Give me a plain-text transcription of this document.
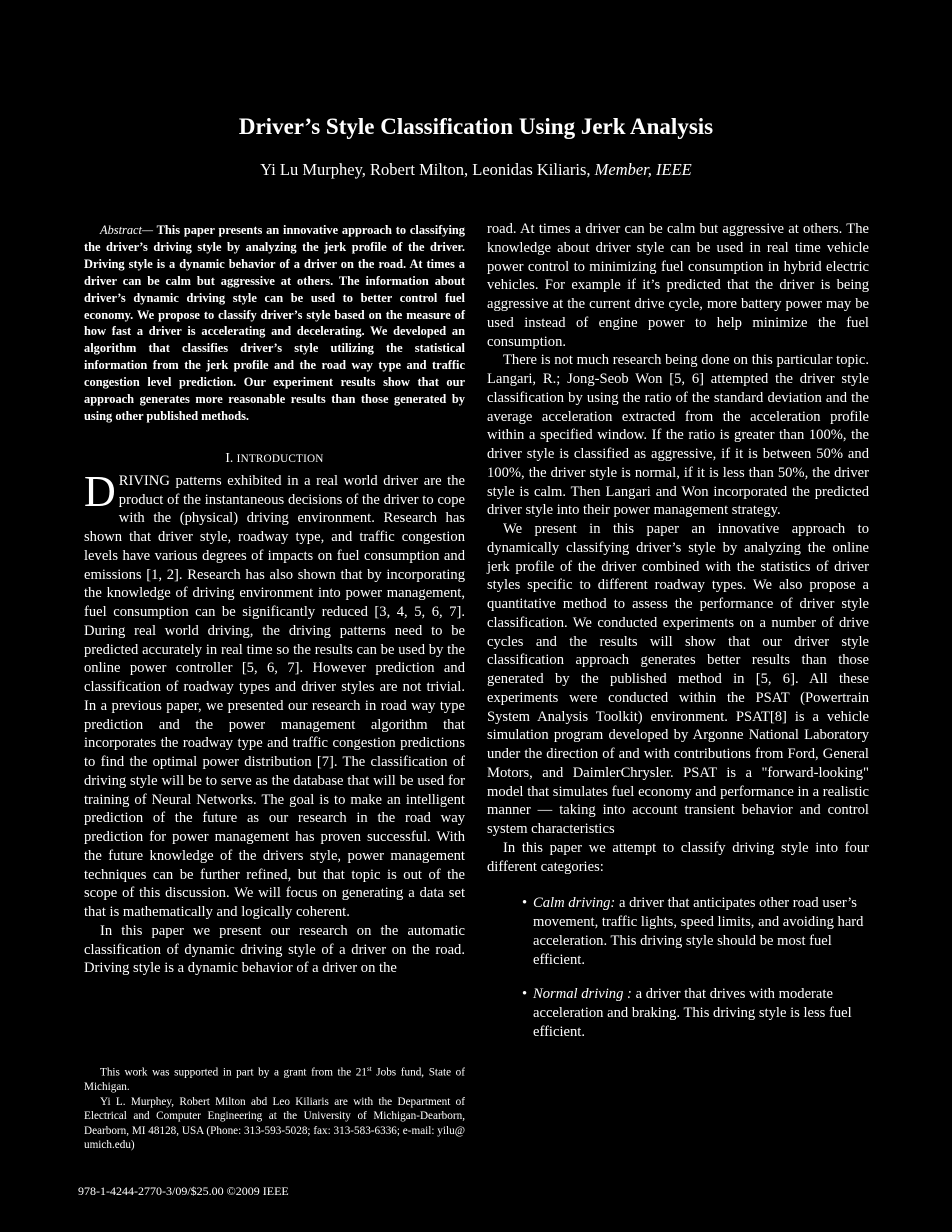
Driver’s Style Classification Using Jerk Analysis
Yi Lu Murphey, Robert Milton, Leonidas Kiliaris, Member, IEEE

Abstract— This paper presents an innovative approach to classifying the driver’s driving style by analyzing the jerk profile of the driver. Driving style is a dynamic behavior of a driver on the road. At times a driver can be calm but aggressive at others. The information about driver’s dynamic driving style can be used to better control fuel economy. We propose to classify driver’s style based on the measure of how fast a driver is accelerating and decelerating. We developed an algorithm that classifies driver’s style utilizing the statistical information from the jerk profile and the road way type and traffic congestion level prediction. Our experiment results show that our approach generates more reasonable results than those generated by using other published methods.

I. INTRODUCTION

DRIVING patterns exhibited in a real world driver are the product of the instantaneous decisions of the driver to cope with the (physical) driving environment. Research has shown that driver style, roadway type, and traffic congestion levels have various degrees of impacts on fuel consumption and emissions [1, 2]. Research has also shown that by incorporating the knowledge of driving environment into power management, fuel consumption can be significantly reduced [3, 4, 5, 6, 7]. During real world driving, the driving patterns need to be predicted accurately in real time so the results can be used by the online power controller [5, 6, 7]. However prediction and classification of roadway types and driver styles are not trivial. In a previous paper, we presented our research in road way type prediction and the power management algorithm that incorporates the roadway type and traffic congestion predictions to find the optimal power distribution [7]. The classification of driving style will be to serve as the database that will be used for training of Neural Networks. The goal is to make an intelligent prediction of the future as our research in the road way prediction for power management has proven successful. With the future knowledge of the drivers style, power management techniques can be further refined, but that topic is out of the scope of this discussion. We will focus on generating a data set that is mathematically and logically coherent.

In this paper we present our research on the automatic classification of dynamic driving style of a driver on the road. Driving style is a dynamic behavior of a driver on the

This work was supported in part by a grant from the 21st Jobs fund, State of Michigan.

Yi L. Murphey, Robert Milton abd Leo Kiliaris are with the Department of Electrical and Computer Engineering at the University of Michigan-Dearborn, Dearborn, MI 48128, USA (Phone: 313-593-5028; fax: 313-583-6336; e-mail: yilu@ umich.edu)

978-1-4244-2770-3/09/$25.00 ©2009 IEEE

road. At times a driver can be calm but aggressive at others. The knowledge about driver style can be used in real time vehicle power control to minimizing fuel consumption in hybrid electric vehicles. For example if it’s predicted that the driver is being aggressive at the current drive cycle, more battery power may be used instead of engine power to help minimize the fuel consumption.

There is not much research being done on this particular topic. Langari, R.; Jong-Seob Won [5, 6] attempted the driver style classification by using the ratio of the standard deviation and the average acceleration extracted from the acceleration profile within a specified window. If the ratio is greater than 100%, the driver style is classified as aggressive, if it is between 50% and 100%, the driver style is normal, if it is less than 50%, the driver style is calm. Then Langari and Won incorporated the predicted driver style into their power management strategy.

We present in this paper an innovative approach to dynamically classifying driver’s style by analyzing the online jerk profile of the driver combined with the statistics of driver styles specific to different roadway types. We also propose a quantitative method to assess the performance of driver style classification. We conducted experiments on a number of drive cycles and the results will show that our driver style classification approach generates better results than those generated by the published method in [5, 6]. All these experiments were conducted within the PSAT (Powertrain System Analysis Toolkit) environment. PSAT[8] is a vehicle simulation program developed by Argonne National Laboratory under the direction of and with contributions from Ford, General Motors, and DaimlerChrysler. PSAT is a "forward-looking" model that simulates fuel economy and performance in a realistic manner — taking into account transient behavior and control system characteristics

In this paper we attempt to classify driving style into four different categories:

• Calm driving: a driver that anticipates other road user’s movement, traffic lights, speed limits, and avoiding hard acceleration. This driving style should be most fuel efficient.
• Normal driving : a driver that drives with moderate acceleration and braking. This driving style is less fuel efficient.
